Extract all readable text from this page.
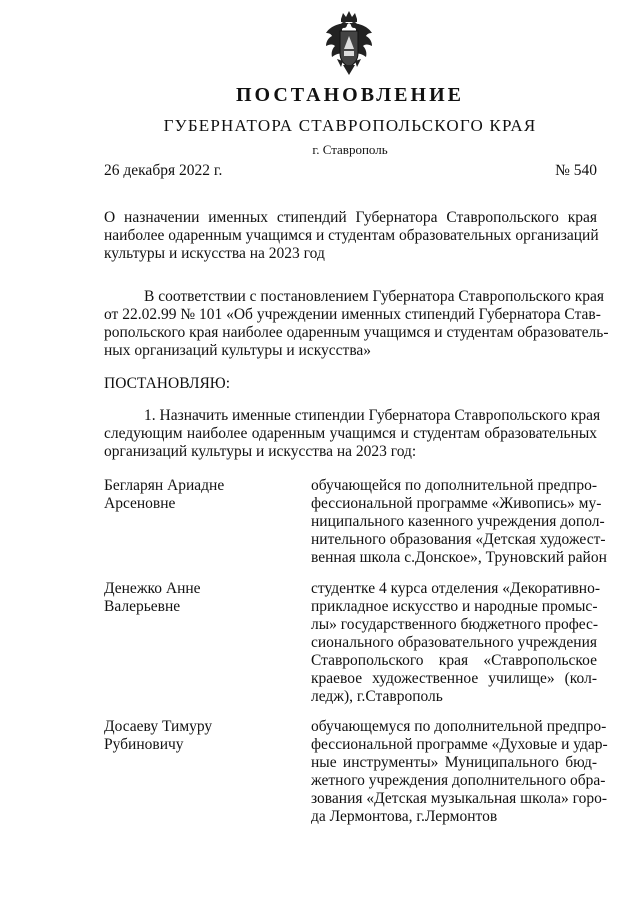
ПОСТАНОВЛЕНИЕ
ГУБЕРНАТОРА СТАВРОПОЛЬСКОГО КРАЯ
г. Ставрополь
26 декабря 2022 г.	№ 540
О назначении именных стипендий Губернатора Ставропольского края
наиболее одаренным учащимся и студентам образовательных организаций
культуры и искусства на 2023 год
В соответствии с постановлением Губернатора Ставропольского края
от 22.02.99 № 101 «Об учреждении именных стипендий Губернатора Став-
ропольского края наиболее одаренным учащимся и студентам образователь-
ных организаций культуры и искусства»
ПОСТАНОВЛЯЮ:
1. Назначить именные стипендии Губернатора Ставропольского края
следующим наиболее одаренным учащимся и студентам образовательных
организаций культуры и искусства на 2023 год:
Бегларян Ариадне
Арсеновне
обучающейся по дополнительной предпро-
фессиональной программе «Живопись» му-
ниципального казенного учреждения допол-
нительного образования «Детская художест-
венная школа с.Донское», Труновский район
Денежко Анне
Валерьевне
студентке 4 курса отделения «Декоративно-
прикладное искусство и народные промыс-
лы» государственного бюджетного профес-
сионального образовательного учреждения
Ставропольского края «Ставропольское
краевое художественное училище» (кол-
ледж), г.Ставрополь
Досаеву Тимуру
Рубиновичу
обучающемуся по дополнительной предпро-
фессиональной программе «Духовые и удар-
ные инструменты» Муниципального бюд-
жетного учреждения дополнительного обра-
зования «Детская музыкальная школа» горо-
да Лермонтова, г.Лермонтов
